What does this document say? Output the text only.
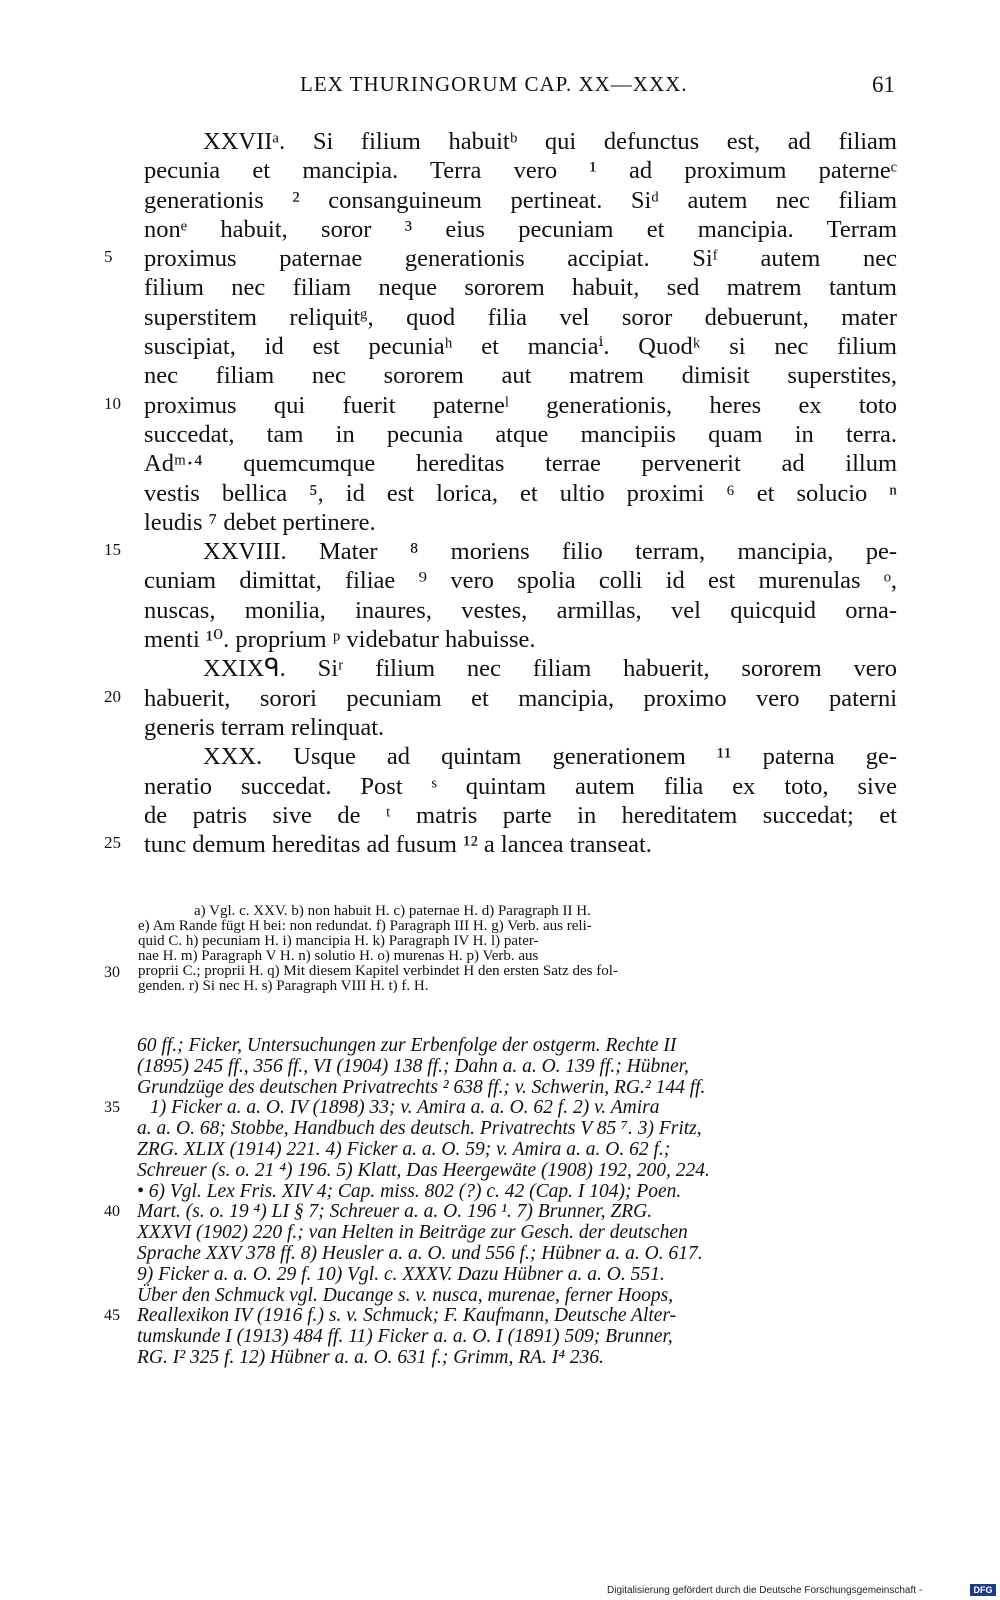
LEX THURINGORUM CAP. XX—XXX.	61
XXVIIᵃ. Si filium habuitᵇ qui defunctus est, ad filiam
pecunia et mancipia. Terra vero ¹ ad proximum paterneᶜ
generationis ² consanguineum pertineat. Siᵈ autem nec filiam
nonᵉ habuit, soror ³ eius pecuniam et mancipia. Terram
5 proximus paternae generationis accipiat. Siᶠ autem nec
filium nec filiam neque sororem habuit, sed matrem tantum
superstitem reliquitᵍ, quod filia vel soror debuerunt, mater
suscipiat, id est pecuniaʰ et manciaⁱ. Quodᵏ si nec filium
nec filiam nec sororem aut matrem dimisit superstites,
10 proximus qui fuerit paterneˡ generationis, heres ex toto
succedat, tam in pecunia atque mancipiis quam in terra.
Adᵐ·⁴ quemcumque hereditas terrae pervenerit ad illum
vestis bellica ⁵, id est lorica, et ultio proximi ⁶ et solucio ⁿ
leudis ⁷ debet pertinere.
15	XXVIII. Mater ⁸ moriens filio terram, mancipia, pe-
cuniam dimittat, filiae ⁹ vero spolia colli id est murenulas ᵒ,
nuscas, monilia, inaures, vestes, armillas, vel quicquid orna-
menti ¹⁰. proprium ᵖ videbatur habuisse.
XXIXᑫ. Siʳ filium nec filiam habuerit, sororem vero
20 habuerit, sorori pecuniam et mancipia, proximo vero paterni
generis terram relinquat.
XXX. Usque ad quintam generationem ¹¹ paterna ge-
neratio succedat. Post ˢ quintam autem filia ex toto, sive
de patris sive de ᵗ matris parte in hereditatem succedat; et
25 tunc demum hereditas ad fusum ¹² a lancea transeat.
a) Vgl. c. XXV. b) non habuit H. c) paternae H. d) Paragraph II H.
e) Am Rande fügt H bei: non redundat. f) Paragraph III H. g) Verb. aus reli-
quid C. h) pecuniam H. i) mancipia H. k) Paragraph IV H. l) pater-
nae H. m) Paragraph V H. n) solutio H. o) murenas H. p) Verb. aus
30 proprii C.; proprii H. q) Mit diesem Kapitel verbindet H den ersten Satz des fol-
genden. r) Si nec H. s) Paragraph VIII H. t) f. H.
60 ff.; Ficker, Untersuchungen zur Erbenfolge der ostgerm. Rechte II
(1895) 245 ff., 356 ff., VI (1904) 138 ff.; Dahn a. a. O. 139 ff.; Hübner,
Grundzüge des deutschen Privatrechts ² 638 ff.; v. Schwerin, RG.² 144 ff.
35 1) Ficker a. a. O. IV (1898) 33; v. Amira a. a. O. 62 f. 2) v. Amira
a. a. O. 68; Stobbe, Handbuch des deutsch. Privatrechts V 85 ⁷. 3) Fritz,
ZRG. XLIX (1914) 221. 4) Ficker a. a. O. 59; v. Amira a. a. O. 62 f.;
Schreuer (s. o. 21 ⁴) 196. 5) Klatt, Das Heergewäte (1908) 192, 200, 224.
• 6) Vgl. Lex Fris. XIV 4; Cap. miss. 802 (?) c. 42 (Cap. I 104); Poen.
40 Mart. (s. o. 19 ⁴) LI § 7; Schreuer a. a. O. 196 ¹. 7) Brunner, ZRG.
XXXVI (1902) 220 f.; van Helten in Beiträge zur Gesch. der deutschen
Sprache XXV 378 ff. 8) Heusler a. a. O. und 556 f.; Hübner a. a. O. 617.
9) Ficker a. a. O. 29 f. 10) Vgl. c. XXXV. Dazu Hübner a. a. O. 551.
Über den Schmuck vgl. Ducange s. v. nusca, murenae, ferner Hoops,
45 Reallexikon IV (1916 f.) s. v. Schmuck; F. Kaufmann, Deutsche Alter-
tumskunde I (1913) 484 ff. 11) Ficker a. a. O. I (1891) 509; Brunner,
RG. I² 325 f. 12) Hübner a. a. O. 631 f.; Grimm, RA. I⁴ 236.
Digitalisierung gefördert durch die Deutsche Forschungsgemeinschaft -	DFG
